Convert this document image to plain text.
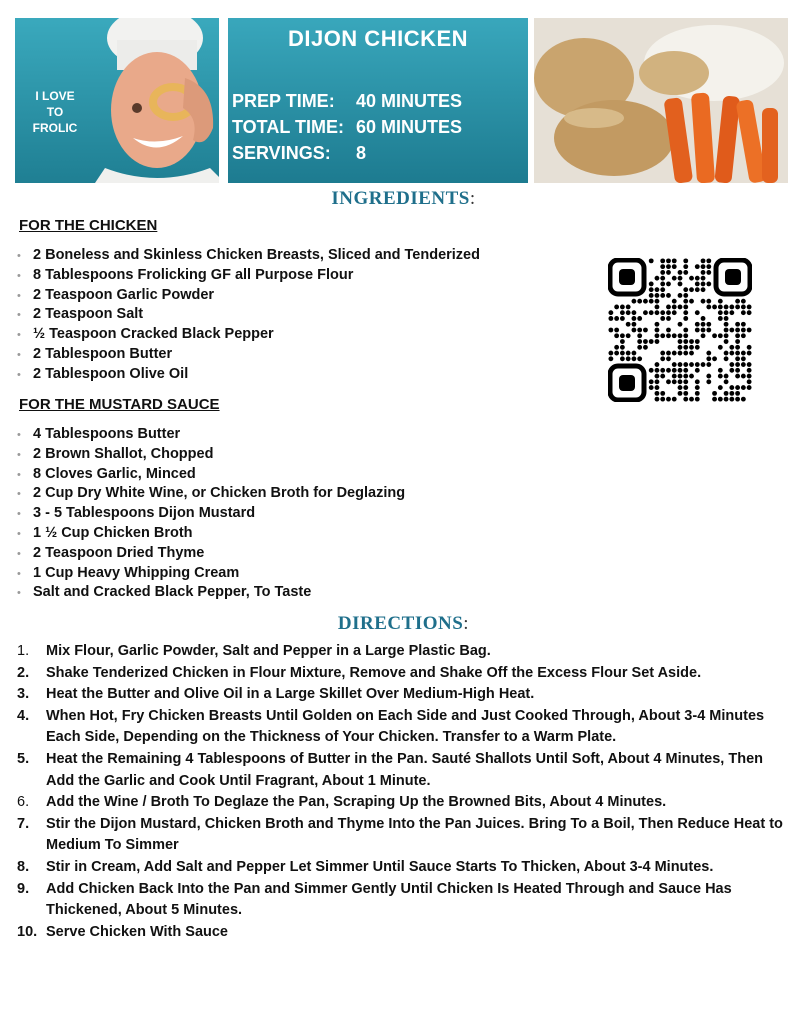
I LOVE
TO
FROLIC
DIJON CHICKEN
PREP TIME: 40 MINUTES
TOTAL TIME: 60 MINUTES
SERVINGS: 8
INGREDIENTS:
FOR THE CHICKEN
• 2 Boneless and Skinless Chicken Breasts, Sliced and Tenderized
• 8 Tablespoons Frolicking GF all Purpose Flour
• 2 Teaspoon Garlic Powder
• 2 Teaspoon Salt
• ½ Teaspoon Cracked Black Pepper
• 2 Tablespoon Butter
• 2 Tablespoon Olive Oil
FOR THE MUSTARD SAUCE
• 4 Tablespoons Butter
• 2 Brown Shallot, Chopped
• 8 Cloves Garlic, Minced
• 2 Cup Dry White Wine, or Chicken Broth for Deglazing
• 3 - 5 Tablespoons Dijon Mustard
• 1 ½ Cup Chicken Broth
• 2 Teaspoon Dried Thyme
• 1 Cup Heavy Whipping Cream
• Salt and Cracked Black Pepper, To Taste
DIRECTIONS:
1. Mix Flour, Garlic Powder, Salt and Pepper in a Large Plastic Bag.
2. Shake Tenderized Chicken in Flour Mixture, Remove and Shake Off the Excess Flour Set Aside.
3. Heat the Butter and Olive Oil in a Large Skillet Over Medium-High Heat.
4. When Hot, Fry Chicken Breasts Until Golden on Each Side and Just Cooked Through, About 3-4 Minutes Each Side, Depending on the Thickness of Your Chicken. Transfer to a Warm Plate.
5. Heat the Remaining 4 Tablespoons of Butter in the Pan. Sauté Shallots Until Soft, About 4 Minutes, Then Add the Garlic and Cook Until Fragrant, About 1 Minute.
6. Add the Wine / Broth To Deglaze the Pan, Scraping Up the Browned Bits, About 4 Minutes.
7. Stir the Dijon Mustard, Chicken Broth and Thyme Into the Pan Juices. Bring To a Boil, Then Reduce Heat to Medium To Simmer
8. Stir in Cream, Add Salt and Pepper Let Simmer Until Sauce Starts To Thicken, About 3-4 Minutes.
9. Add Chicken Back Into the Pan and Simmer Gently Until Chicken Is Heated Through and Sauce Has Thickened, About 5 Minutes.
10. Serve Chicken With Sauce
